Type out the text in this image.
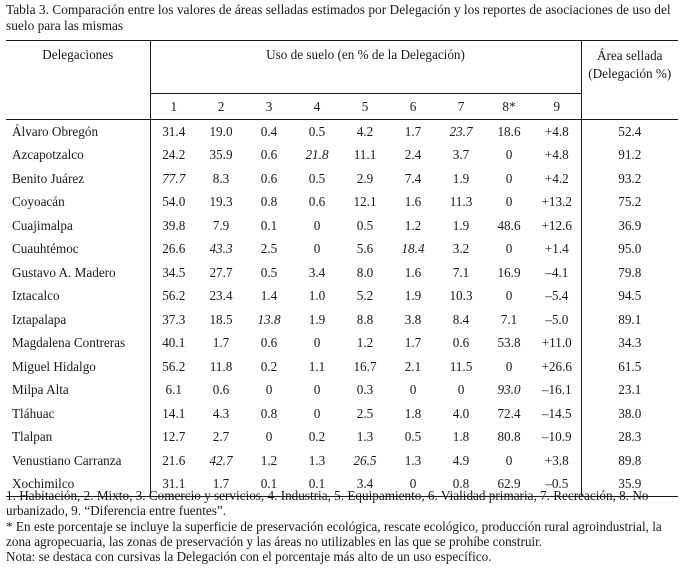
Tabla 3. Comparación entre los valores de áreas selladas estimados por Delegación y los reportes de asociaciones de uso del suelo para las mismas
Delegaciones	Uso de suelo (en % de la Delegación)									Área sellada
(Delegación %)
	1	2	3	4	5	6	7	8*	9	
Álvaro Obregón	31.4	19.0	0.4	0.5	4.2	1.7	23.7	18.6	+4.8	52.4
Azcapotzalco	24.2	35.9	0.6	21.8	11.1	2.4	3.7	0	+4.8	91.2
Benito Juárez	77.7	8.3	0.6	0.5	2.9	7.4	1.9	0	+4.2	93.2
Coyoacán	54.0	19.3	0.8	0.6	12.1	1.6	11.3	0	+13.2	75.2
Cuajimalpa	39.8	7.9	0.1	0	0.5	1.2	1.9	48.6	+12.6	36.9
Cuauhtémoc	26.6	43.3	2.5	0	5.6	18.4	3.2	0	+1.4	95.0
Gustavo A. Madero	34.5	27.7	0.5	3.4	8.0	1.6	7.1	16.9	–4.1	79.8
Iztacalco	56.2	23.4	1.4	1.0	5.2	1.9	10.3	0	–5.4	94.5
Iztapalapa	37.3	18.5	13.8	1.9	8.8	3.8	8.4	7.1	–5.0	89.1
Magdalena Contreras	40.1	1.7	0.6	0	1.2	1.7	0.6	53.8	+11.0	34.3
Miguel Hidalgo	56.2	11.8	0.2	1.1	16.7	2.1	11.5	0	+26.6	61.5
Milpa Alta	6.1	0.6	0	0	0.3	0	0	93.0	–16.1	23.1
Tláhuac	14.1	4.3	0.8	0	2.5	1.8	4.0	72.4	–14.5	38.0
Tlalpan	12.7	2.7	0	0.2	1.3	0.5	1.8	80.8	–10.9	28.3
Venustiano Carranza	21.6	42.7	1.2	1.3	26.5	1.3	4.9	0	+3.8	89.8
Xochimilco	31.1	1.7	0.1	0.1	3.4	0	0.8	62.9	–0.5	35.9

1. Habitación, 2. Mixto, 3. Comercio y servicios, 4. Industria, 5. Equipamiento, 6. Vialidad primaria, 7. Recreación, 8. No urbanizado, 9. “Diferencia entre fuentes”.

* En este porcentaje se incluye la superficie de preservación ecológica, rescate ecológico, producción rural agroindustrial, la zona agropecuaria, las zonas de preservación y las áreas no utilizables en las que se prohíbe construir.

Nota: se destaca con cursivas la Delegación con el porcentaje más alto de un uso específico.
